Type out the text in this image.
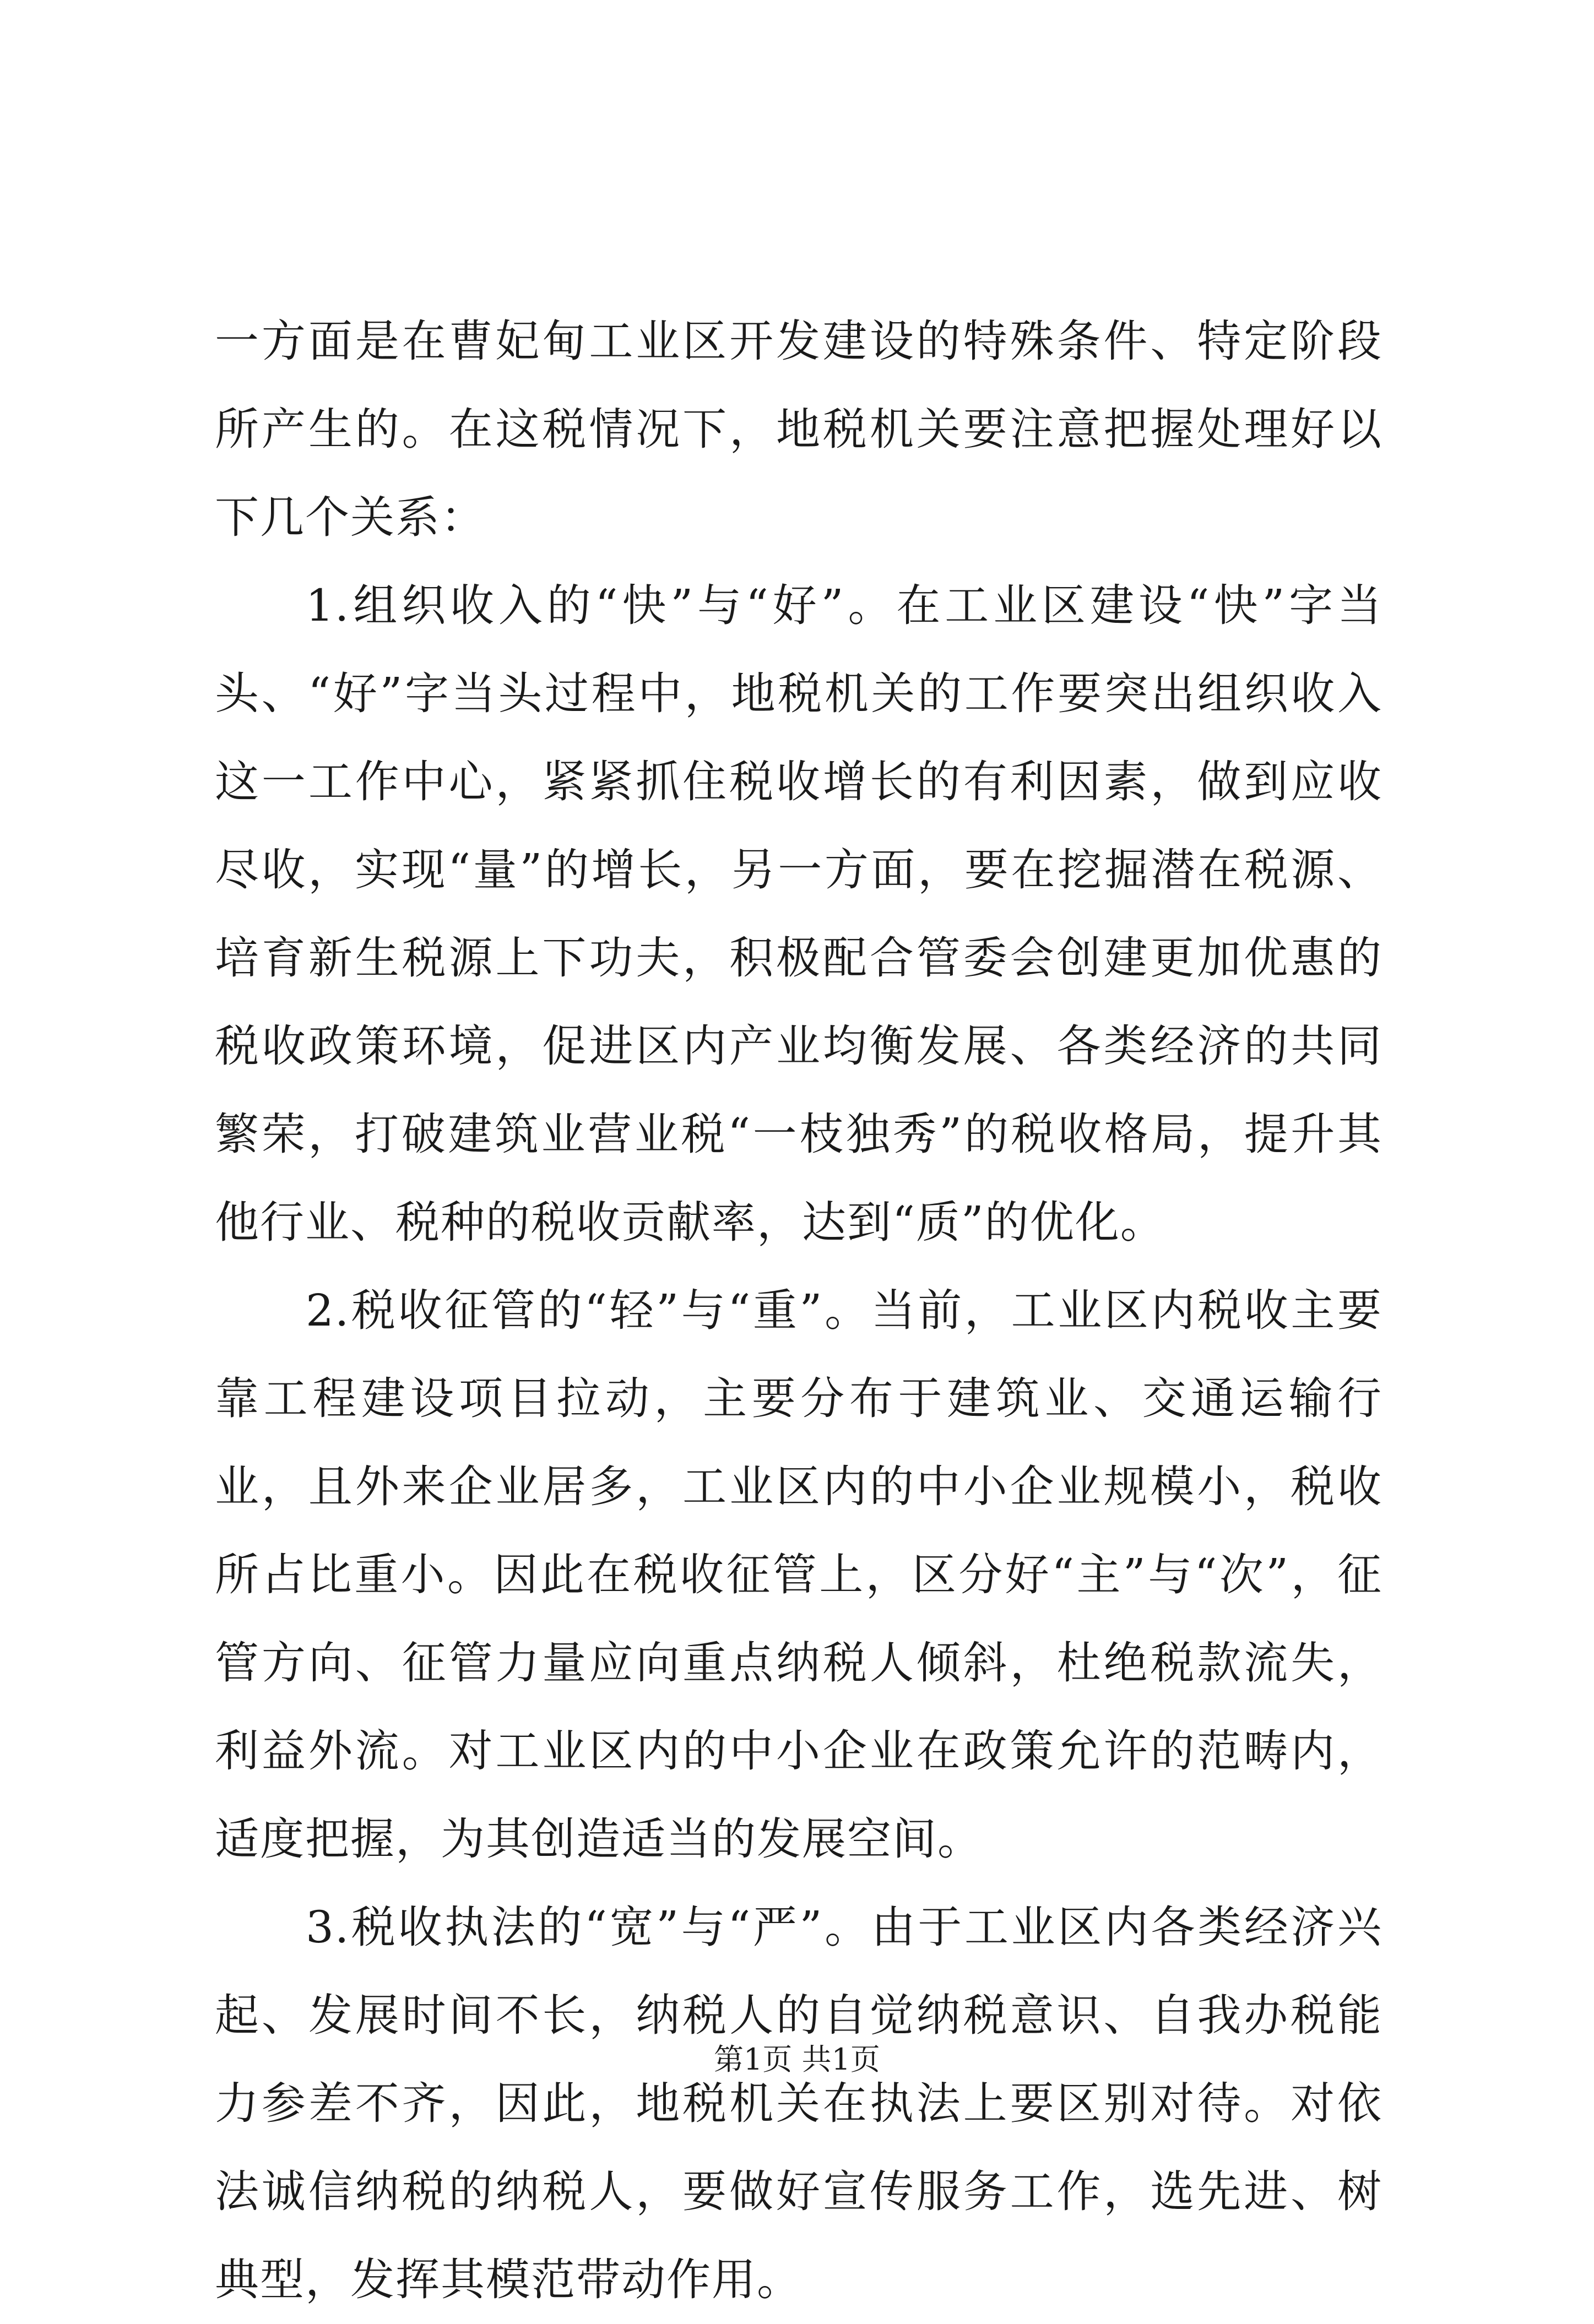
一方面是在曹妃甸工业区开发建设的特殊条件、特定阶段所产生的。在这税情况下，地税机关要注意把握处理好以下几个关系：

1.组织收入的“快”与“好”。在工业区建设“快”字当头、“好”字当头过程中，地税机关的工作要突出组织收入这一工作中心，紧紧抓住税收增长的有利因素，做到应收尽收，实现“量”的增长，另一方面，要在挖掘潜在税源、培育新生税源上下功夫，积极配合管委会创建更加优惠的税收政策环境，促进区内产业均衡发展、各类经济的共同繁荣，打破建筑业营业税“一枝独秀”的税收格局，提升其他行业、税种的税收贡献率，达到“质”的优化。

2.税收征管的“轻”与“重”。当前，工业区内税收主要靠工程建设项目拉动，主要分布于建筑业、交通运输行业，且外来企业居多，工业区内的中小企业规模小，税收所占比重小。因此在税收征管上，区分好“主”与“次”，征管方向、征管力量应向重点纳税人倾斜，杜绝税款流失，利益外流。对工业区内的中小企业在政策允许的范畴内，适度把握，为其创造适当的发展空间。

3.税收执法的“宽”与“严”。由于工业区内各类经济兴起、发展时间不长，纳税人的自觉纳税意识、自我办税能力参差不齐，因此，地税机关在执法上要区别对待。对依法诚信纳税的纳税人，要做好宣传服务工作，选先进、树典型，发挥其模范带动作用。

第1页 共1页
